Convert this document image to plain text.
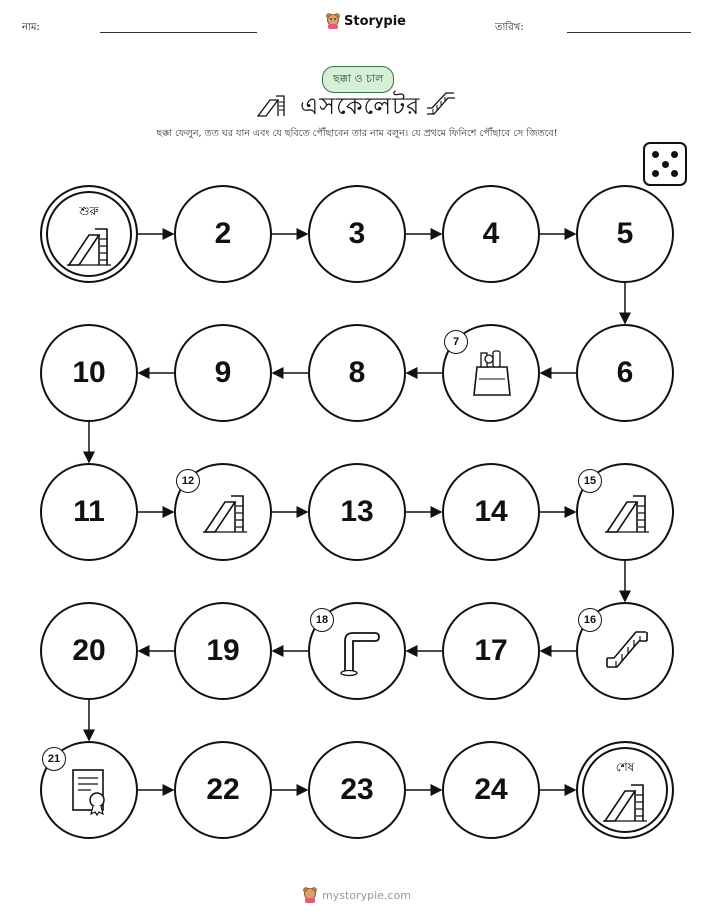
নাম:	Storypie	তারিখ:
ছক্কা ও চাল
এসকেলেটর
ছক্কা ফেলুন, তত ঘর যান এবং যে ছবিতে পৌঁছাবেন তার নাম বলুন। যে প্রথমে ফিনিশে পৌঁছাবে সে জিতবে!
শুরু
2	3	4	5
6
7
8
9
10
11
12
13	14
15
16
17
18
19
20
21
22	23	24
শেষ
mystorypie.com
